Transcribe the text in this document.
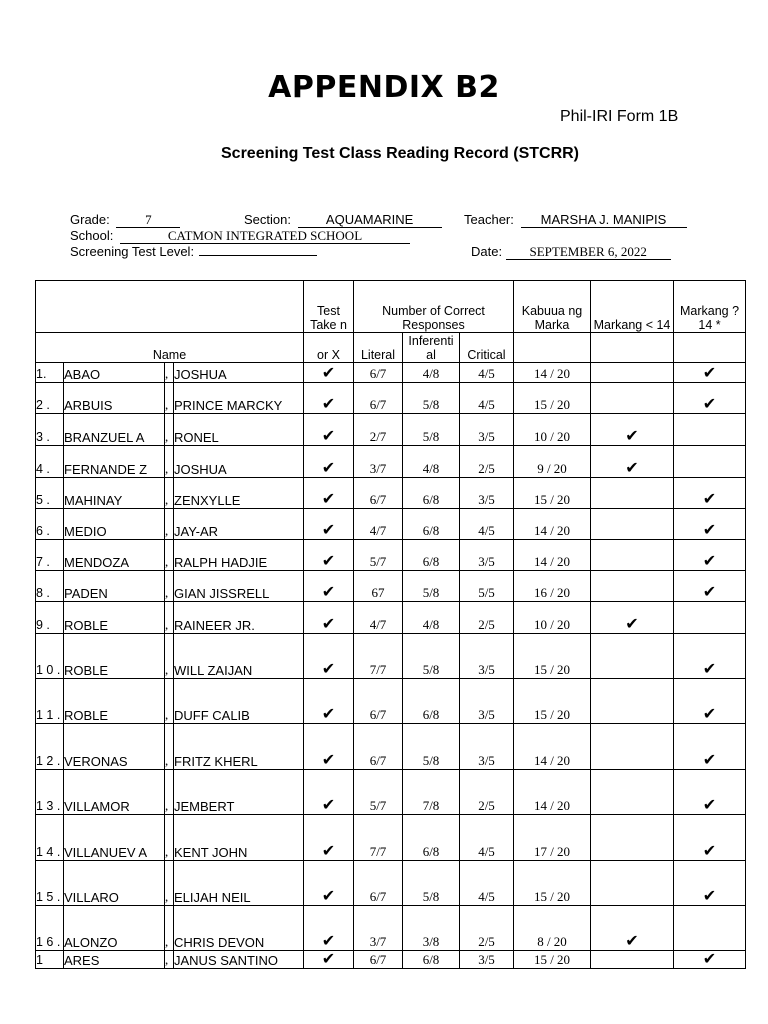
APPENDIX B2
Phil-IRI Form 1B
Screening Test Class Reading Record (STCRR)
Grade:	7	Section:	AQUAMARINE	Teacher: MARSHA J. MANIPIS
School:	CATMON INTEGRATED SCHOOL
Screening Test Level:	Date: SEPTEMBER 6, 2022
				Test Take n	Number of Correct Responses			Kabuua ng Marka	Markang < 14	Markang ? 14 *
Name				or X	Literal	Inferenti al	Critical			
1.	ABAO	,	JOSHUA	✔	6/7	4/8	4/5	14 / 20		✔
2 .	ARBUIS	,	PRINCE MARCKY	✔	6/7	5/8	4/5	15 / 20		✔
3 .	BRANZUEL A	,	RONEL	✔	2/7	5/8	3/5	10 / 20	✔	
4 .	FERNANDE Z	,	JOSHUA	✔	3/7	4/8	2/5	9 / 20	✔	
5 .	MAHINAY	,	ZENXYLLE	✔	6/7	6/8	3/5	15 / 20		✔
6 .	MEDIO	,	JAY-AR	✔	4/7	6/8	4/5	14 / 20		✔
7 .	MENDOZA	,	RALPH HADJIE	✔	5/7	6/8	3/5	14 / 20		✔
8 .	PADEN	,	GIAN JISSRELL	✔	67	5/8	5/5	16 / 20		✔
9 .	ROBLE	,	RAINEER JR.	✔	4/7	4/8	2/5	10 / 20	✔	
1 0 .	ROBLE	,	WILL ZAIJAN	✔	7/7	5/8	3/5	15 / 20		✔
1 1 .	ROBLE	,	DUFF CALIB	✔	6/7	6/8	3/5	15 / 20		✔
1 2 .	VERONAS	,	FRITZ KHERL	✔	6/7	5/8	3/5	14 / 20		✔
1 3 .	VILLAMOR	,	JEMBERT	✔	5/7	7/8	2/5	14 / 20		✔
1 4 .	VILLANUEV A	,	KENT JOHN	✔	7/7	6/8	4/5	17 / 20		✔
1 5 .	VILLARO	,	ELIJAH NEIL	✔	6/7	5/8	4/5	15 / 20		✔
1 6 .	ALONZO	,	CHRIS DEVON	✔	3/7	3/8	2/5	8 / 20	✔	
1	ARES	,	JANUS SANTINO	✔	6/7	6/8	3/5	15 / 20		✔
